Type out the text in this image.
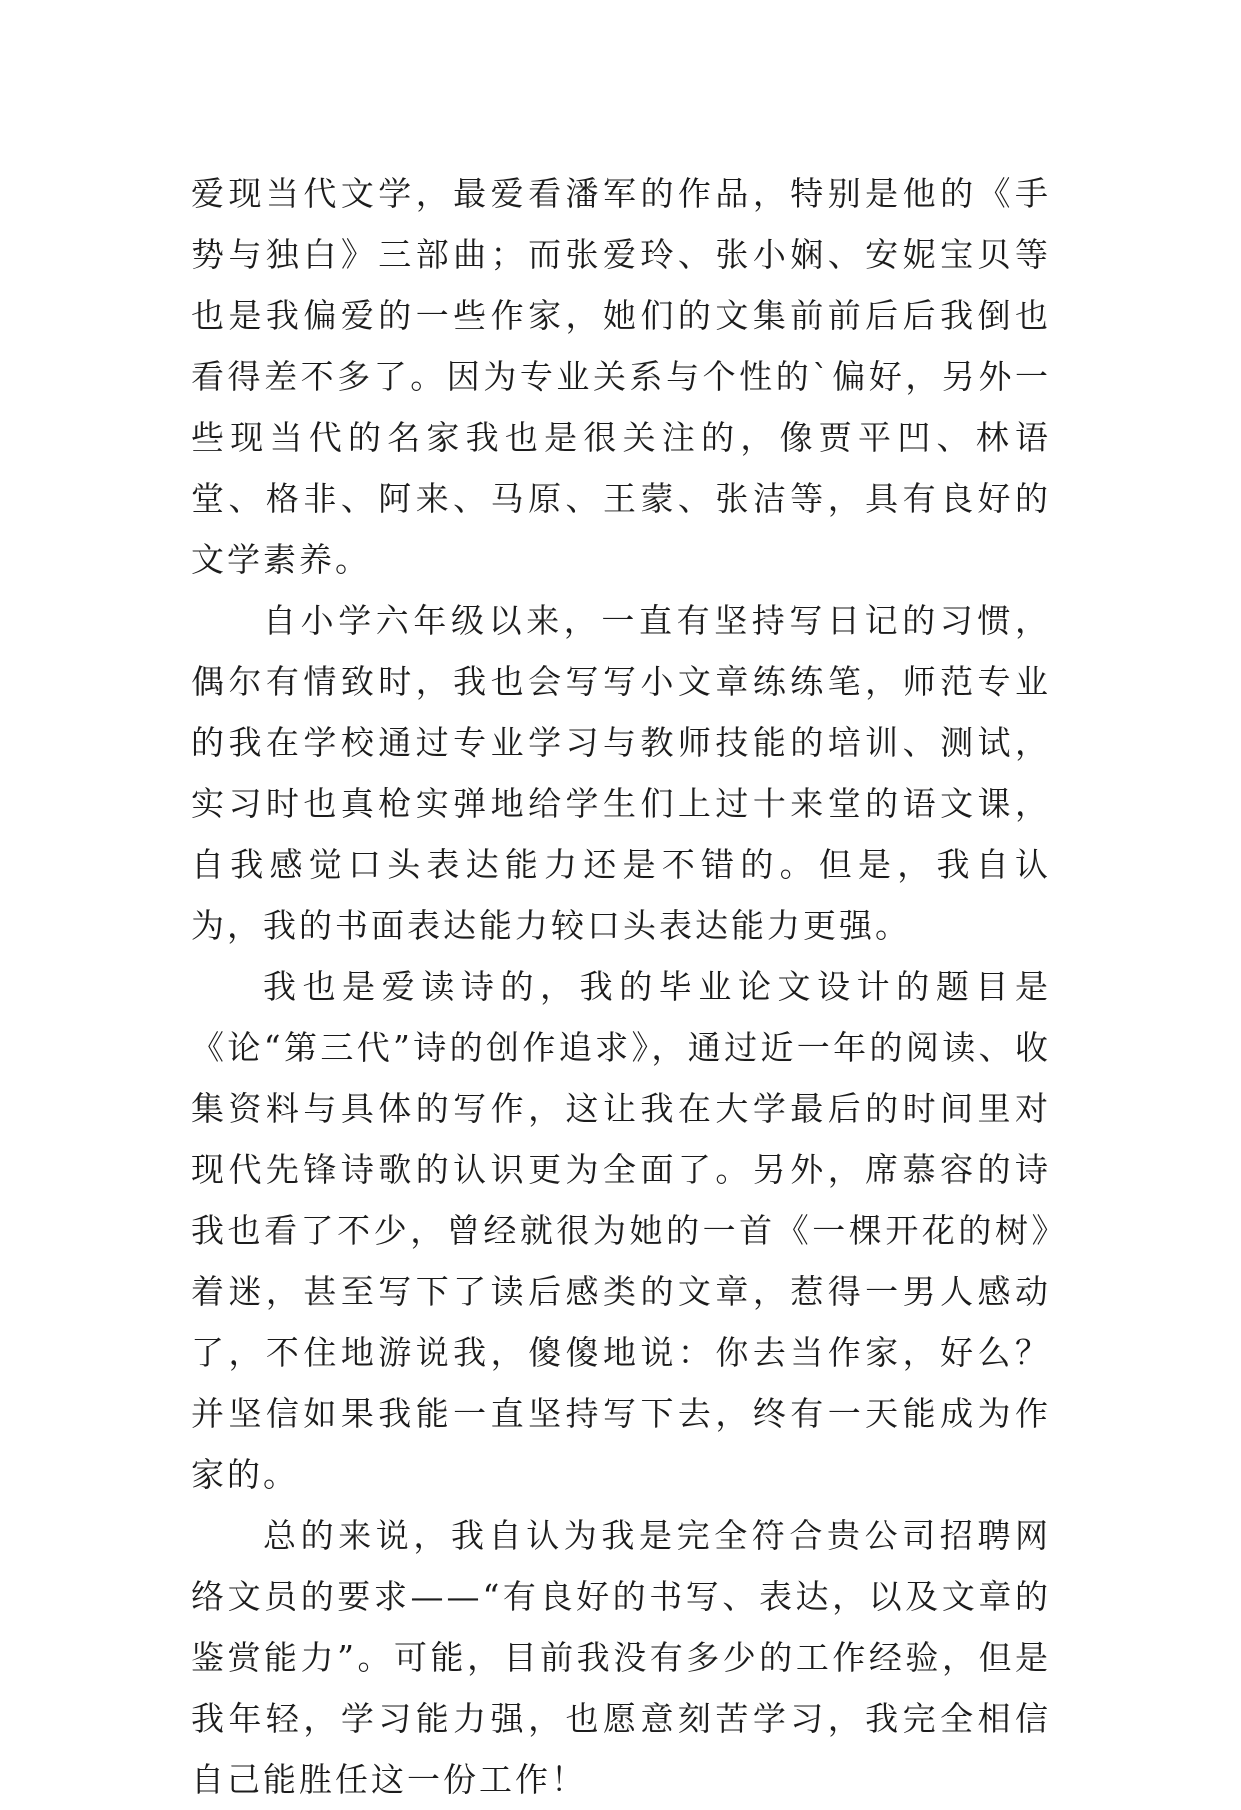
爱现当代文学，最爱看潘军的作品，特别是他的《手势与独白》三部曲；而张爱玲、张小娴、安妮宝贝等也是我偏爱的一些作家，她们的文集前前后后我倒也看得差不多了。因为专业关系与个性的`偏好，另外一些现当代的名家我也是很关注的，像贾平凹、林语堂、格非、阿来、马原、王蒙、张洁等，具有良好的文学素养。

自小学六年级以来，一直有坚持写日记的习惯，偶尔有情致时，我也会写写小文章练练笔，师范专业的我在学校通过专业学习与教师技能的培训、测试，实习时也真枪实弹地给学生们上过十来堂的语文课，自我感觉口头表达能力还是不错的。但是，我自认为，我的书面表达能力较口头表达能力更强。

我也是爱读诗的，我的毕业论文设计的题目是《论“第三代”诗的创作追求》，通过近一年的阅读、收集资料与具体的写作，这让我在大学最后的时间里对现代先锋诗歌的认识更为全面了。另外，席慕容的诗我也看了不少，曾经就很为她的一首《一棵开花的树》着迷，甚至写下了读后感类的文章，惹得一男人感动了，不住地游说我，傻傻地说：你去当作家，好么？并坚信如果我能一直坚持写下去，终有一天能成为作家的。

总的来说，我自认为我是完全符合贵公司招聘网络文员的要求——“有良好的书写、表达，以及文章的鉴赏能力”。可能，目前我没有多少的工作经验，但是我年轻，学习能力强，也愿意刻苦学习，我完全相信自己能胜任这一份工作！
